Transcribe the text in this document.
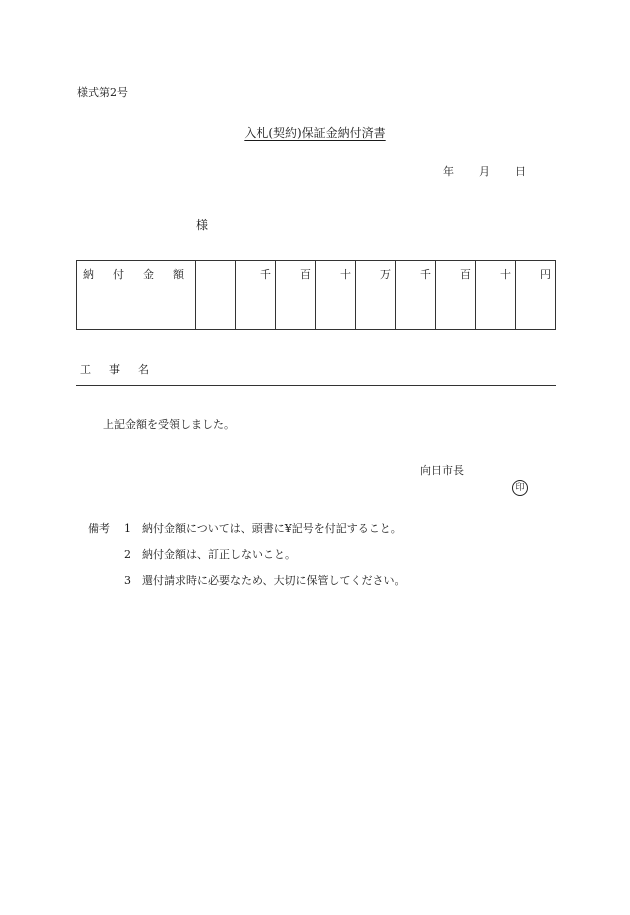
様式第2号
入札(契約)保証金納付済書
年 月 日
様
納 付 金 額		千	百	十	万	千	百	十	円
工 事 名
上記金額を受領しました。
向日市長
印
備考 1 納付金額については、頭書に¥記号を付記すること。
2 納付金額は、訂正しないこと。
3 還付請求時に必要なため、大切に保管してください。
